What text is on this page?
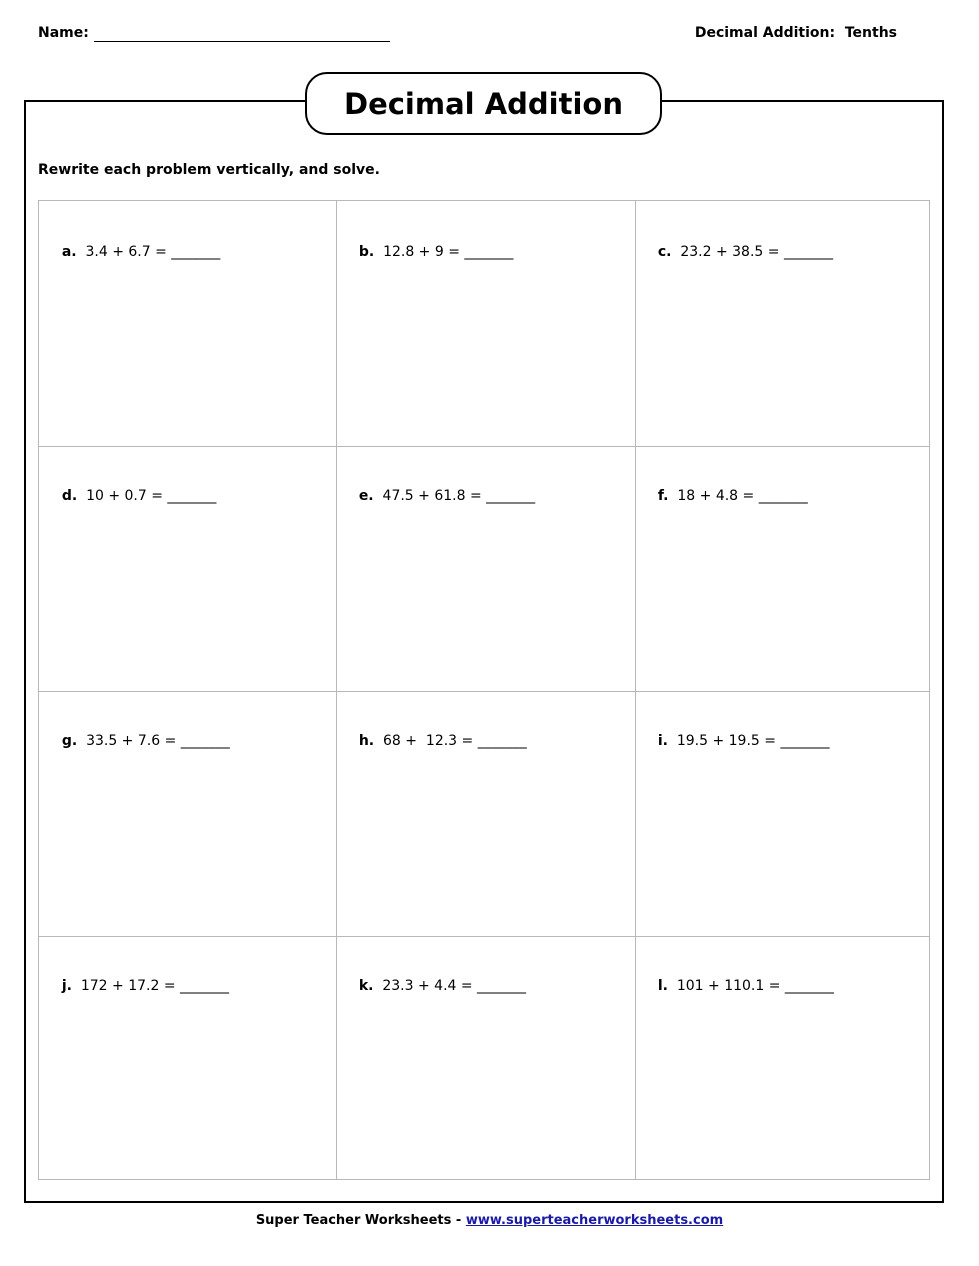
Name:	Decimal Addition:  Tenths
Decimal Addition
Rewrite each problem vertically, and solve.

a. 3.4 + 6.7 = _______
	b. 12.8 + 9 = _______
	c. 23.2 + 38.5 = _______

d. 10 + 0.7 = _______
	e. 47.5 + 61.8 = _______
	f. 18 + 4.8 = _______

g. 33.5 + 7.6 = _______
	h. 68 +  12.3 = _______
	i. 19.5 + 19.5 = _______

j. 172 + 17.2 = _______
	k. 23.3 + 4.4 = _______
	l. 101 + 110.1 = _______

Super Teacher Worksheets - www.superteacherworksheets.com
